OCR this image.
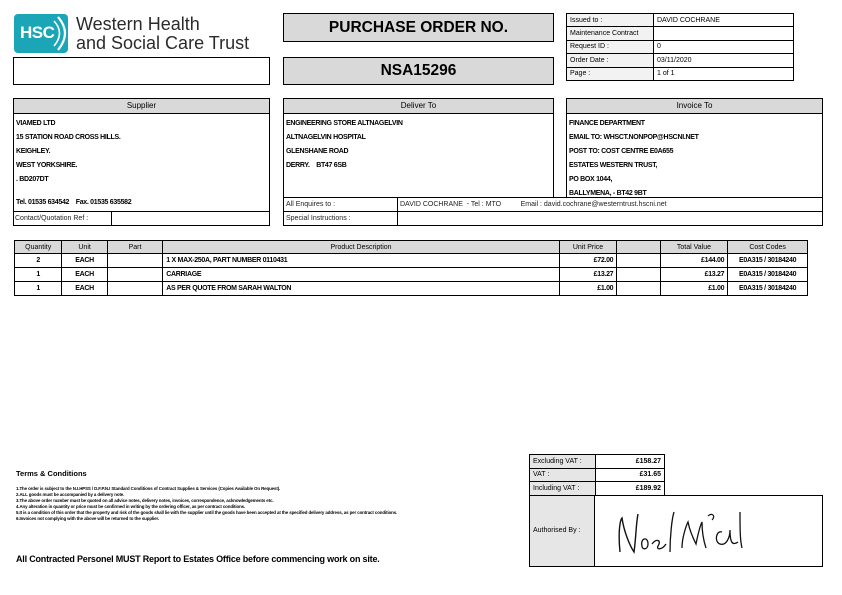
HSC Western Health
and Social Care Trust
PURCHASE ORDER NO.
NSA15296
Issued to :	DAVID COCHRANE
Maintenance Contract	
Request ID :	0
Order Date :	03/11/2020
Page :	1 of 1
Supplier
VIAMED LTD
15 STATION ROAD CROSS HILLS.
KEIGHLEY.
WEST YORKSHIRE.
. BD207DT
Tel. 01535 634542    Fax. 01535 635582
Contact/Quotation Ref :
Deliver To
ENGINEERING STORE ALTNAGELVIN
ALTNAGELVIN HOSPITAL
GLENSHANE ROAD
DERRY.    BT47 6SB
Invoice To
FINANCE DEPARTMENT
EMAIL TO: WHSCT.NONPOP@HSCNI.NET
POST TO: COST CENTRE E0A655
ESTATES WESTERN TRUST,
PO BOX 1044,
BALLYMENA, - BT42 9BT
All Enquires to :	DAVID COCHRANE  - Tel : MTO          Email : david.cochrane@westerntrust.hscni.net
Special Instructions :
Quantity	Unit	Part	Product Description	Unit Price		Total Value	Cost Codes
2	EACH		1 X MAX-250A, PART NUMBER 0110431	£72.00		£144.00	E0A315 / 30184240
1	EACH		CARRIAGE	£13.27		£13.27	E0A315 / 30184240
1	EACH		AS PER QUOTE FROM SARAH WALTON	£1.00		£1.00	E0A315 / 30184240
Excluding VAT :	£158.27
VAT :	£31.65
Including VAT :	£189.92
Authorised By :
Terms & Conditions
1.The order is subject to the N.I.HPSS / D.F.P.N.I Standard Conditions of Contract Supplies & Services (Copies Available On Request).
2.ALL goods must be accompanied by a delivery note.
3.The above order number must be quoted on all advice notes, delivery notes, invoices, correspondence, acknowledgements etc.
4.Any alteration in quantity or price must be confirmed in writing by the ordering officer, as per contract conditions.
5.It is a condition of this order that the property and risk of the goods shall lie with the supplier until the goods have been accepted at the specified delivery address, as per contract conditions.
6.Invoices not complying with the above will be returned to the supplier.
All Contracted Personel MUST Report to Estates Office before commencing work on site.
